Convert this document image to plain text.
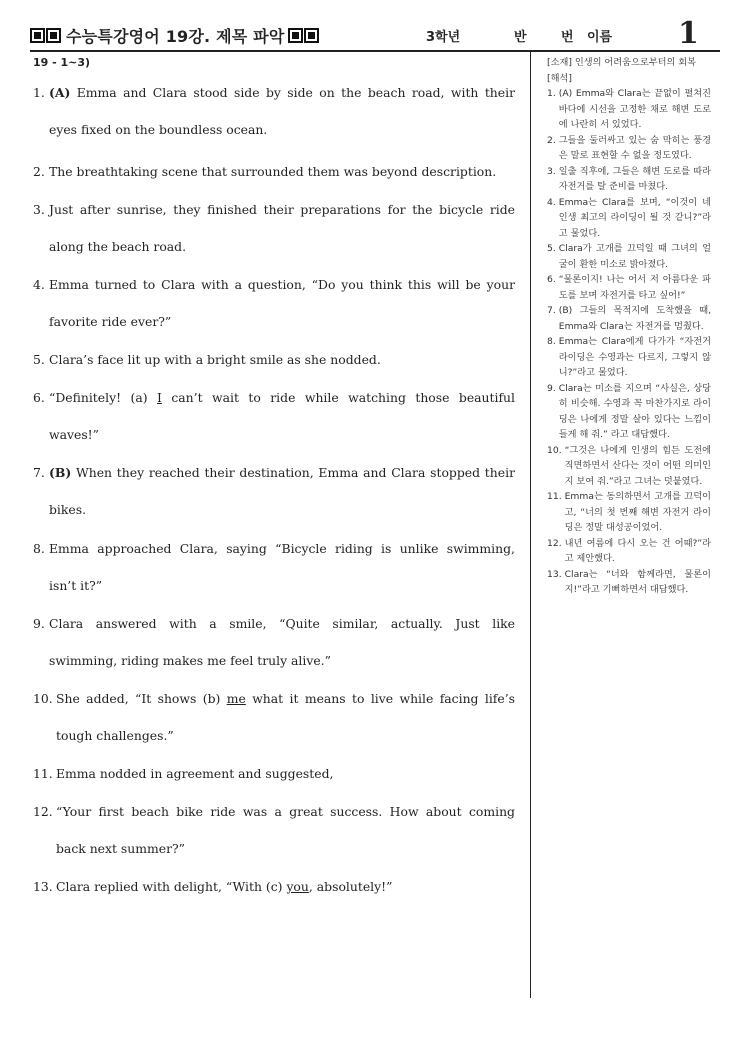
수능특강영어 19강. 제목 파악	3학년	반	번 이름 1
19 - 1~3)
1. (A) Emma and Clara stood side by side on the beach road, with their
eyes fixed on the boundless ocean.
2. The breathtaking scene that surrounded them was beyond description.
3. Just after sunrise, they finished their preparations for the bicycle ride
along the beach road.
4. Emma turned to Clara with a question, “Do you think this will be your
favorite ride ever?”
5. Clara’s face lit up with a bright smile as she nodded.
6. “Definitely! (a) I can’t wait to ride while watching those beautiful
waves!”
7. (B) When they reached their destination, Emma and Clara stopped their
bikes.
8. Emma approached Clara, saying “Bicycle riding is unlike swimming,
isn’t it?”
9. Clara answered with a smile, “Quite similar, actually. Just like
swimming, riding makes me feel truly alive.”
10. She added, “It shows (b) me what it means to live while facing life’s
tough challenges.”
11. Emma nodded in agreement and suggested,
12. “Your first beach bike ride was a great success. How about coming
back next summer?”
13. Clara replied with delight, “With (c) you, absolutely!”
[소재] 인생의 어려움으로부터의 회복
[해석]
1. (A) Emma와 Clara는 끝없이 펼쳐진 바다에 시선을 고정한 채로 해변 도로에 나란히 서 있었다.
2. 그들을 둘러싸고 있는 숨 막히는 풍경은 말로 표현할 수 없을 정도였다.
3. 일출 직후에, 그들은 해변 도로를 따라 자전거를 탈 준비를 마쳤다.
4. Emma는 Clara를 보며, “이것이 네 인생 최고의 라이딩이 될 것 같니?”라고 물었다.
5. Clara가 고개를 끄덕일 때 그녀의 얼굴이 환한 미소로 밝아졌다.
6. “물론이지! 나는 어서 저 아름다운 파도를 보며 자전거를 타고 싶어!”
7. (B) 그들의 목적지에 도착했을 때, Emma와 Clara는 자전거를 멈췄다.
8. Emma는 Clara에게 다가가 “자전거 라이딩은 수영과는 다르지, 그렇지 않니?”라고 물었다.
9. Clara는 미소를 지으며 “사실은, 상당히 비슷해. 수영과 꼭 마찬가지로 라이딩은 나에게 정말 살아 있다는 느낌이 들게 해 줘.” 라고 대답했다.
10. “그것은 나에게 인생의 힘든 도전에 직면하면서 산다는 것이 어떤 의미인지 보여 줘.”라고 그녀는 덧붙였다.
11. Emma는 동의하면서 고개를 끄덕이고, “너의 첫 번째 해변 자전거 라이딩은 정말 대성공이었어.
12. 내년 여름에 다시 오는 건 어때?”라고 제안했다.
13. Clara는 “너와 함께라면, 물론이지!”라고 기뻐하면서 대답했다.
